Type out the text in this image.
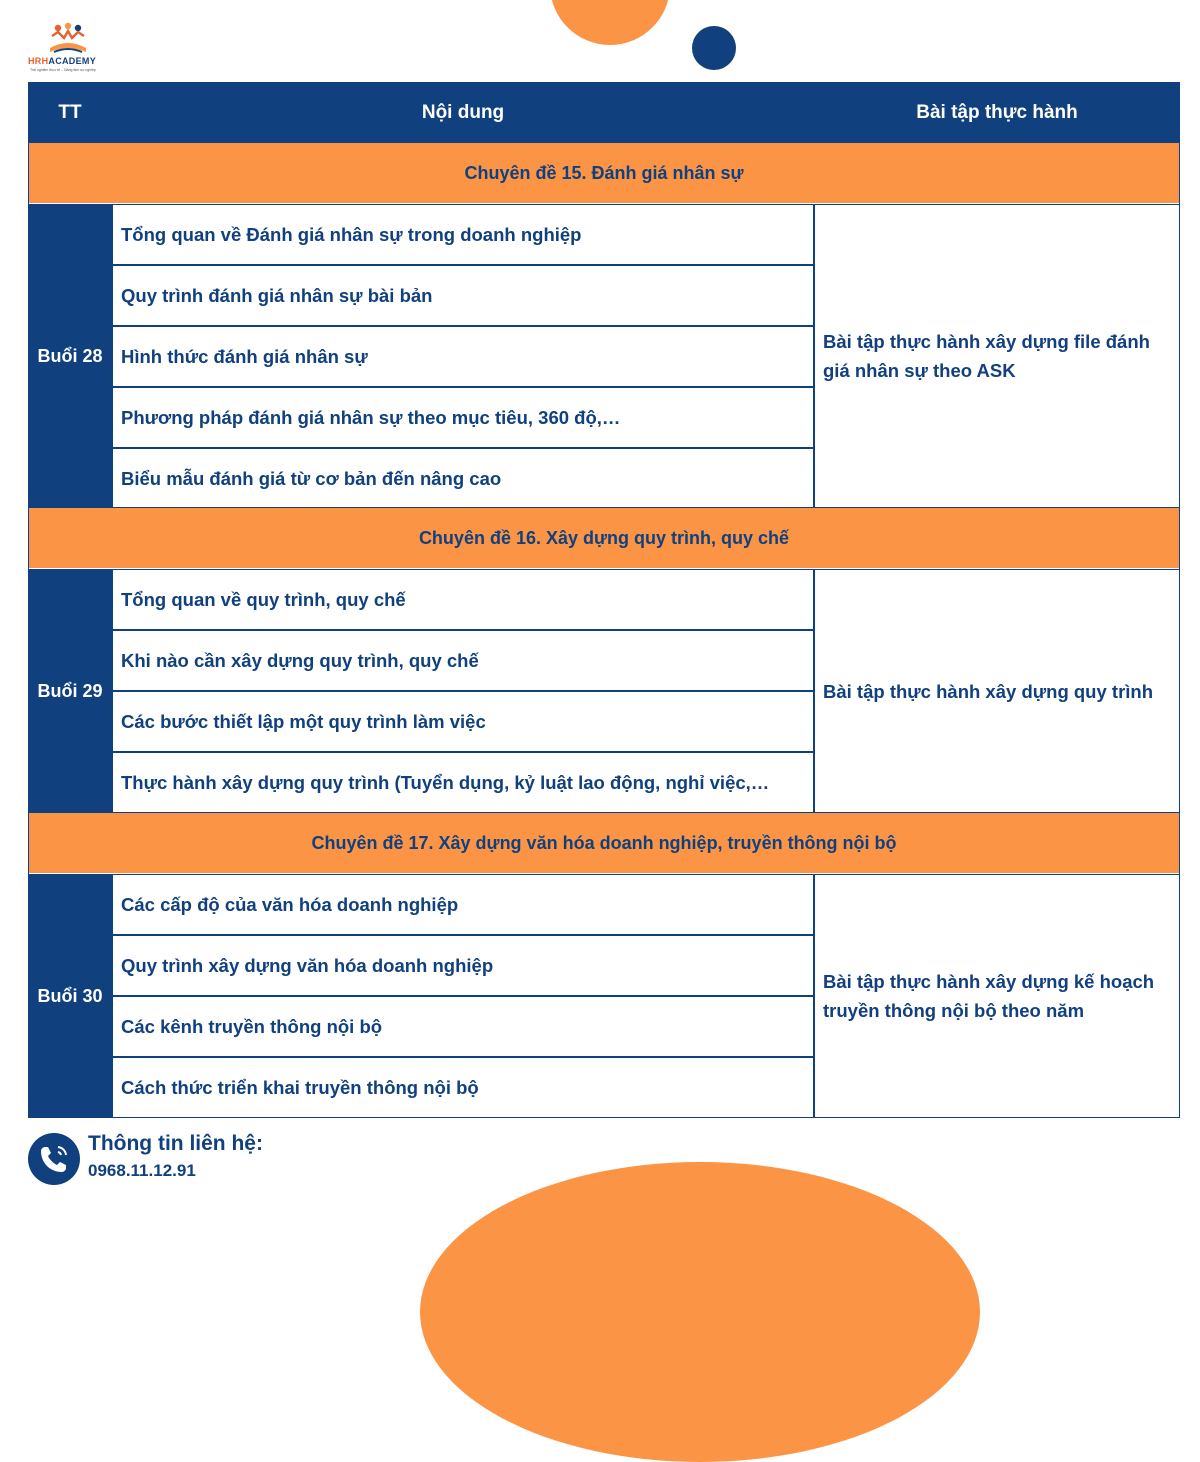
HRHACADEMY
Trải nghiệm thực tế – Nâng tầm sự nghiệp
TT	Nội dung	Bài tập thực hành
Chuyên đề 15. Đánh giá nhân sự
Buổi 28
Tổng quan về Đánh giá nhân sự trong doanh nghiệp
Quy trình đánh giá nhân sự bài bản
Hình thức đánh giá nhân sự
Phương pháp đánh giá nhân sự theo mục tiêu, 360 độ,…
Biểu mẫu đánh giá từ cơ bản đến nâng cao
Bài tập thực hành xây dựng file đánh giá nhân sự theo ASK
Chuyên đề 16. Xây dựng quy trình, quy chế
Buổi 29
Tổng quan về quy trình, quy chế
Khi nào cần xây dựng quy trình, quy chế
Các bước thiết lập một quy trình làm việc
Thực hành xây dựng quy trình (Tuyển dụng, kỷ luật lao động, nghỉ việc,…
Bài tập thực hành xây dựng quy trình
Chuyên đề 17. Xây dựng văn hóa doanh nghiệp, truyền thông nội bộ
Buổi 30
Các cấp độ của văn hóa doanh nghiệp
Quy trình xây dựng văn hóa doanh nghiệp
Các kênh truyền thông nội bộ
Cách thức triển khai truyền thông nội bộ
Bài tập thực hành xây dựng kế hoạch truyền thông nội bộ theo năm
Thông tin liên hệ:
0968.11.12.91
